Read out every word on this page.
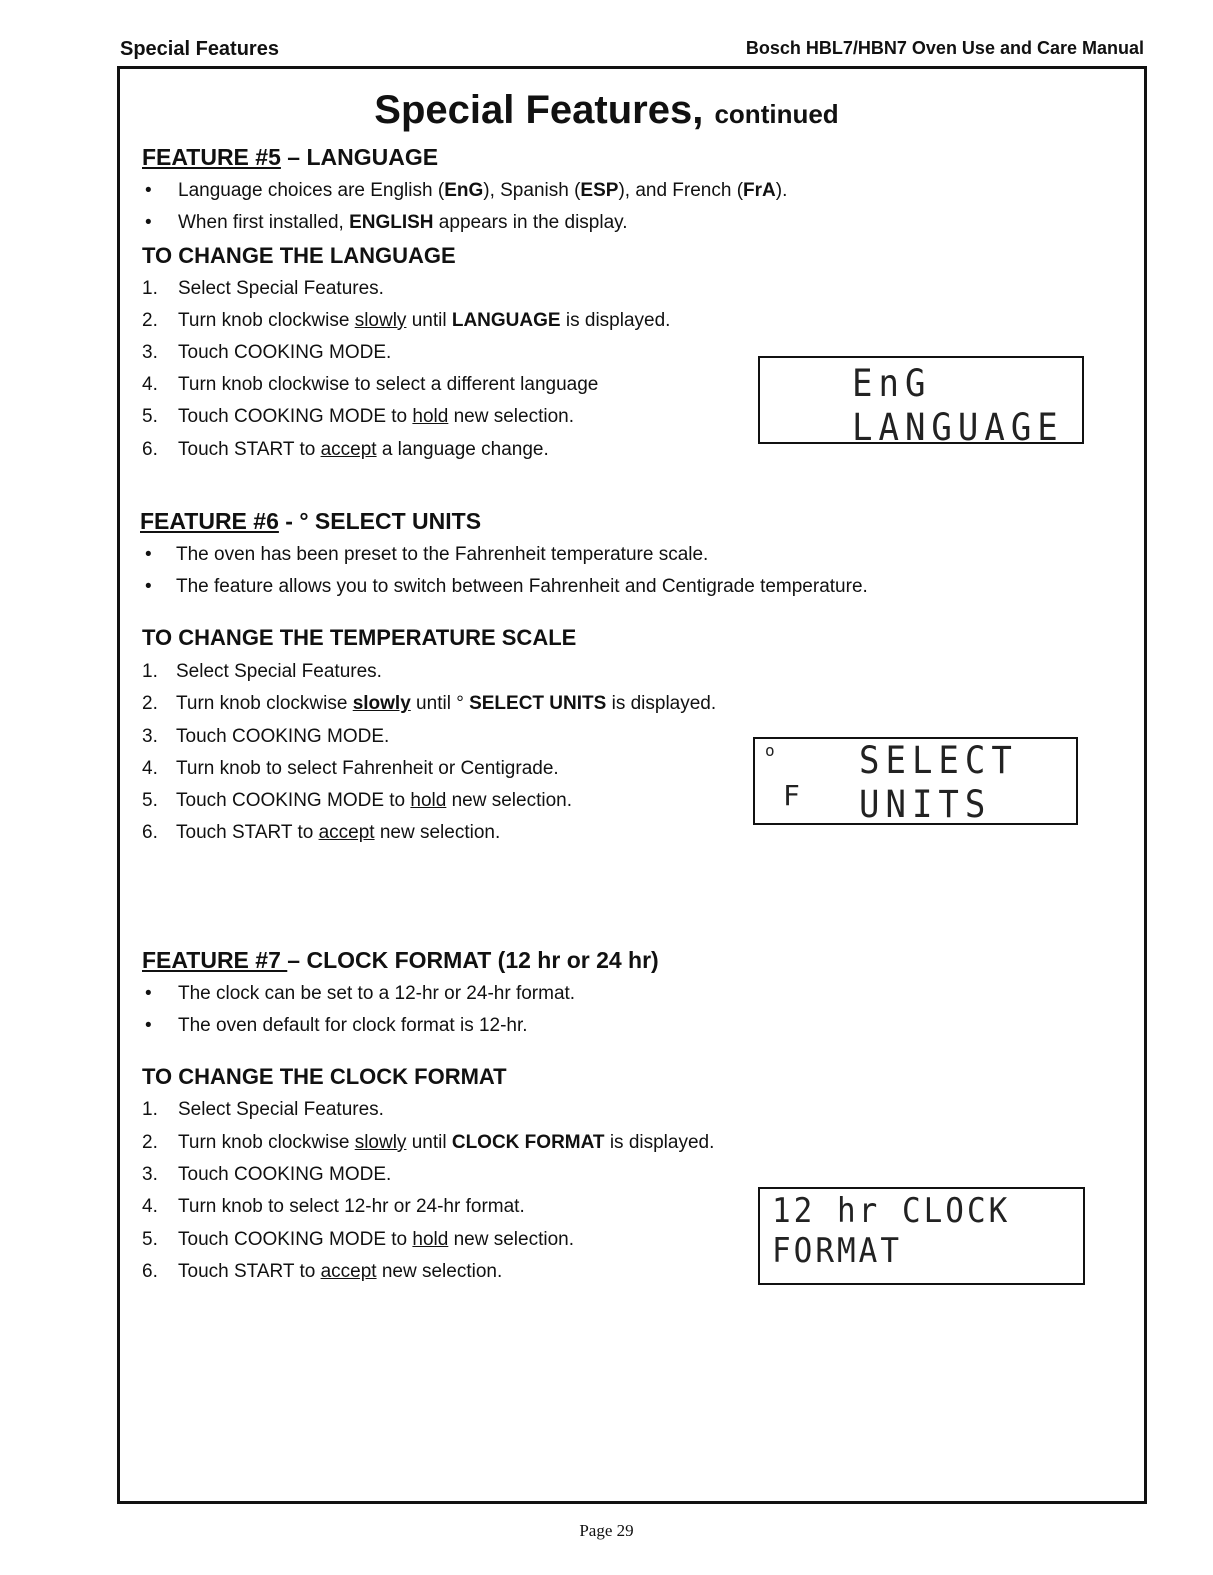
Special Features	Bosch HBL7/HBN7 Oven Use and Care Manual
Special Features, continued
FEATURE #5 – LANGUAGE
• Language choices are English (EnG), Spanish (ESP), and French (FrA).
• When first installed, ENGLISH appears in the display.
TO CHANGE THE LANGUAGE
1.	Select Special Features.
2.	Turn knob clockwise slowly until LANGUAGE is displayed.
3.	Touch COOKING MODE.
4.	Turn knob clockwise to select a different language
5.	Touch COOKING MODE to hold new selection.
6.	Touch START to accept a language change.
EnG LANGUAGE
FEATURE #6 - ° SELECT UNITS
• The oven has been preset to the Fahrenheit temperature scale.
• The feature allows you to switch between Fahrenheit and Centigrade temperature.
TO CHANGE THE TEMPERATURE SCALE
1. Select Special Features.
2. Turn knob clockwise slowly until ° SELECT UNITS is displayed.
3. Touch COOKING MODE.
4. Turn knob to select Fahrenheit or Centigrade.
5. Touch COOKING MODE to hold new selection.
6. Touch START to accept new selection.
o SELECT UNITS
F
FEATURE #7 – CLOCK FORMAT (12 hr or 24 hr)
• The clock can be set to a 12-hr or 24-hr format.
• The oven default for clock format is 12-hr.
TO CHANGE THE CLOCK FORMAT
1.	Select Special Features.
2.	Turn knob clockwise slowly until CLOCK FORMAT is displayed.
3.	Touch COOKING MODE.
4.	Turn knob to select 12-hr or 24-hr format.
5.	Touch COOKING MODE to hold new selection.
6.	Touch START to accept new selection.
12 hr CLOCK FORMAT
Page 29
